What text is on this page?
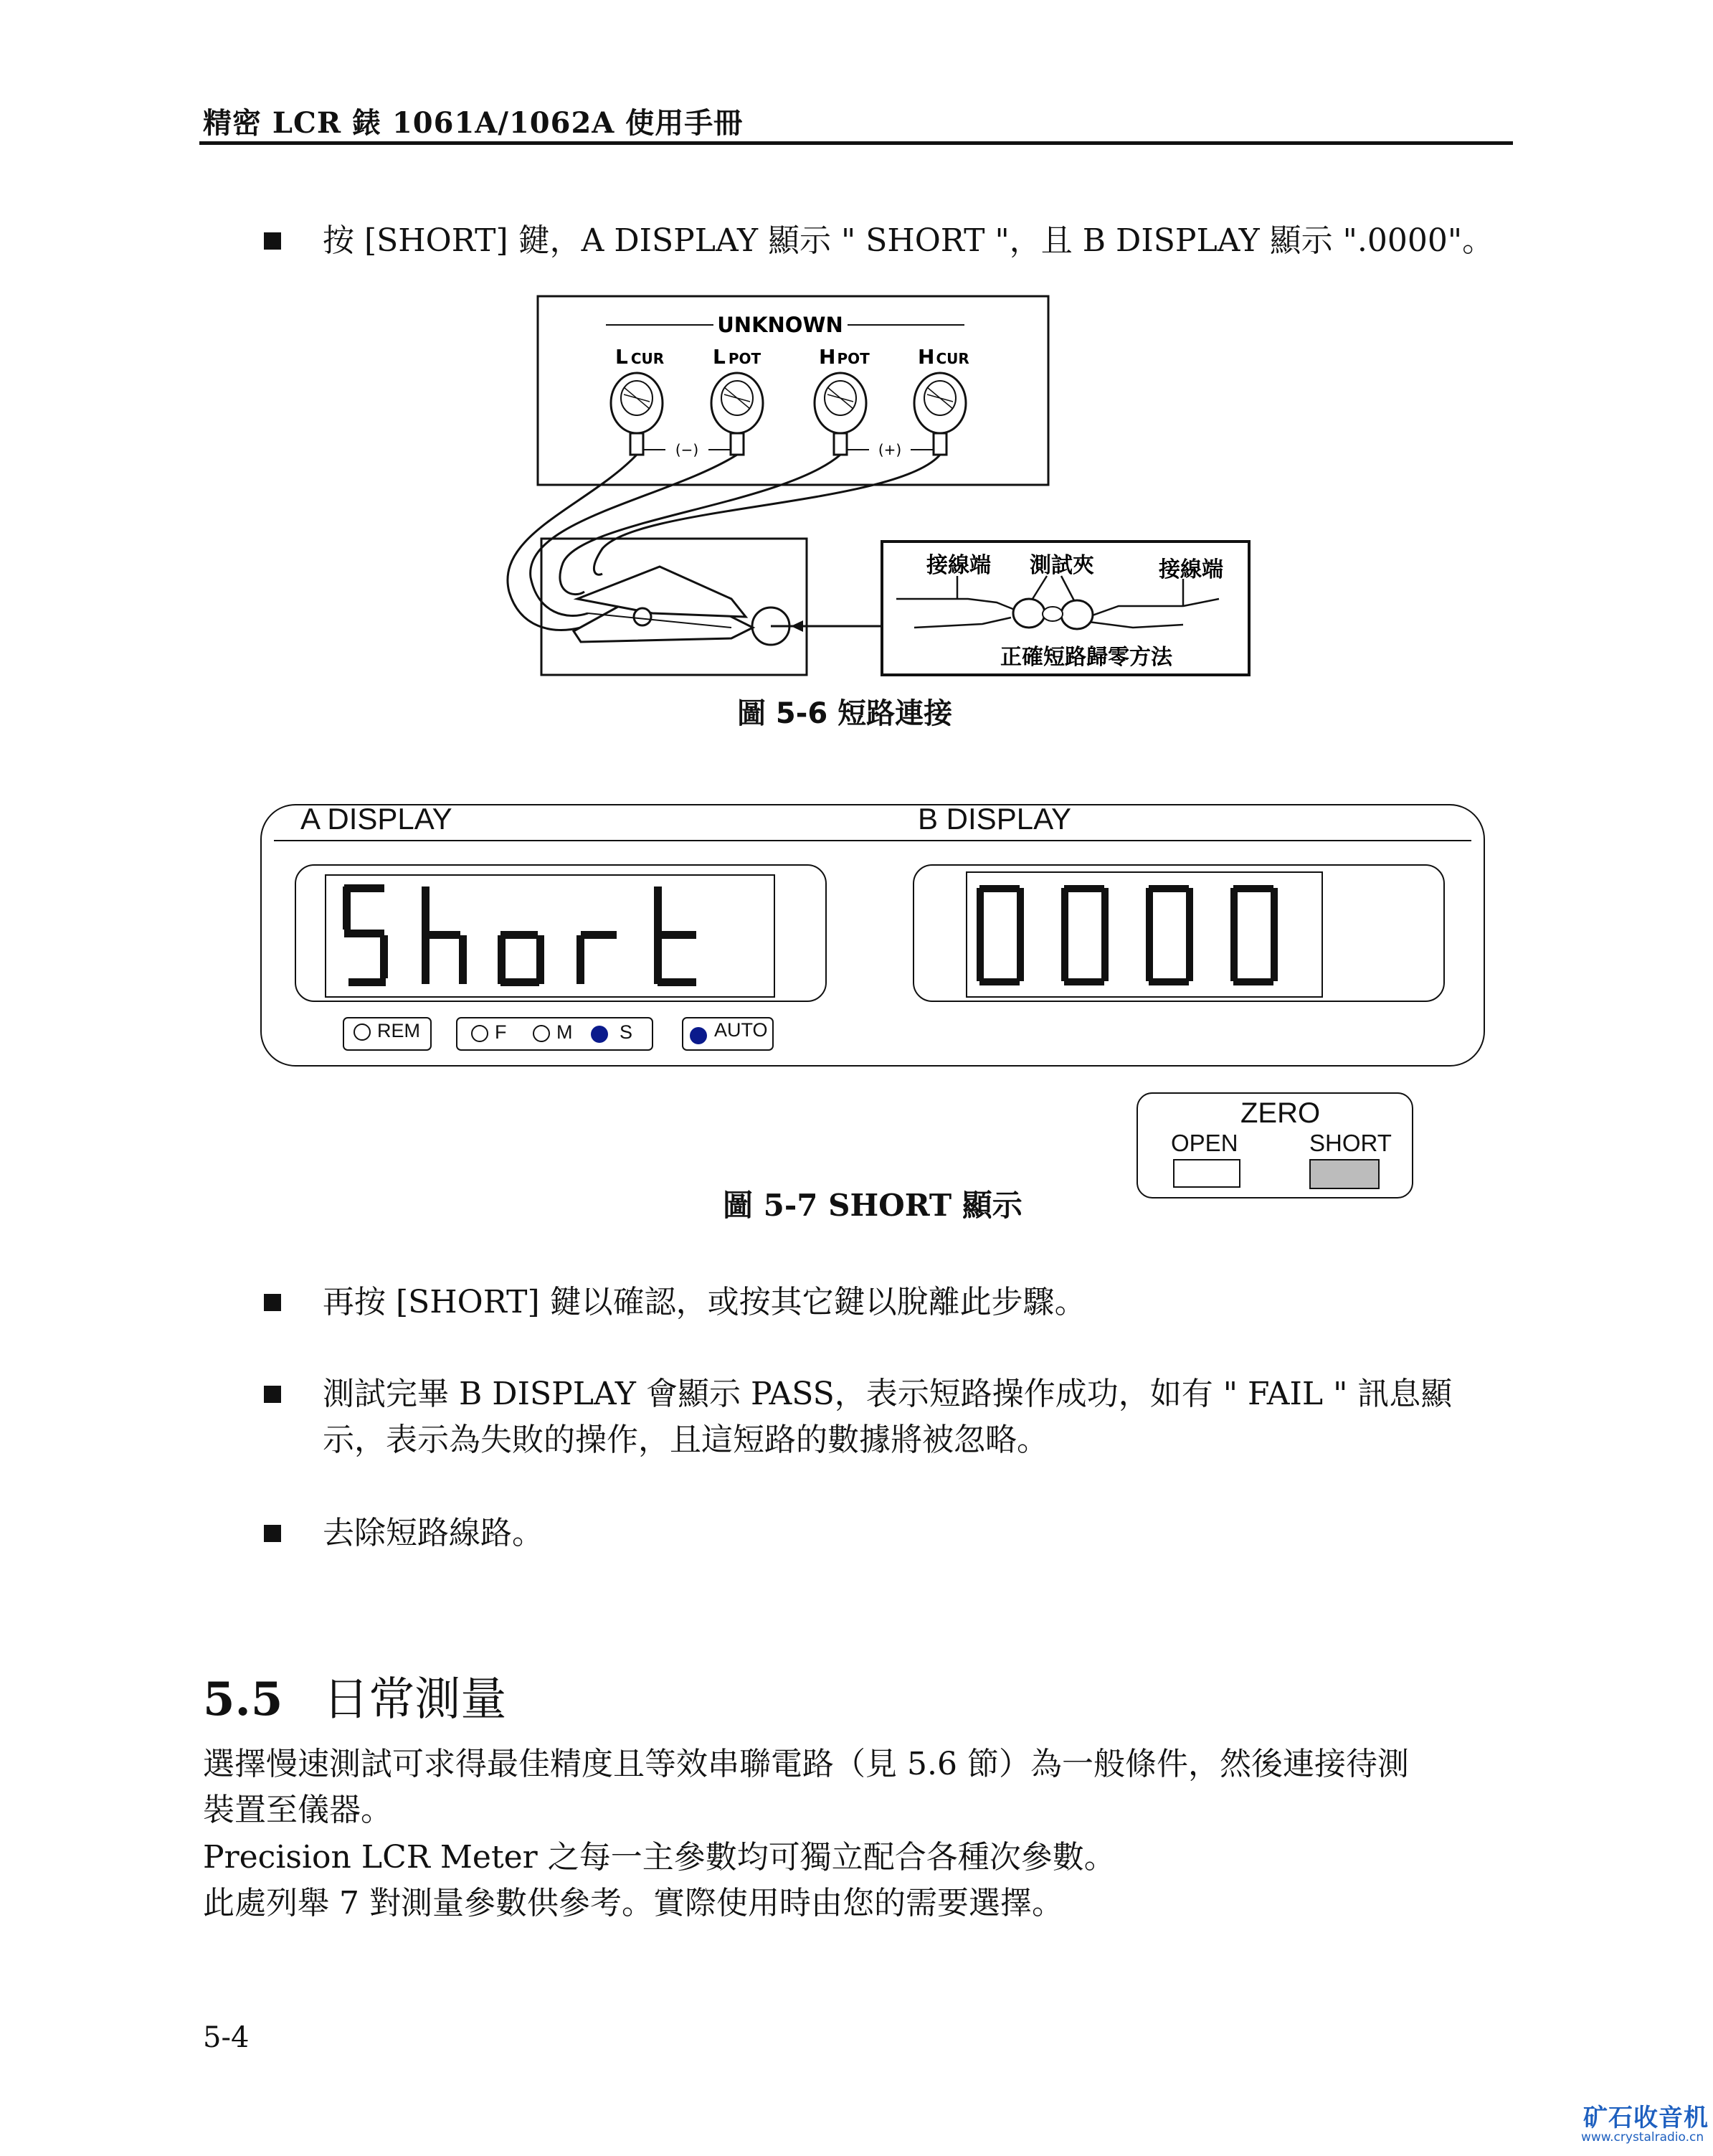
精密 LCR 錶 1061A/1062A 使用手冊
按 [SHORT] 鍵，A DISPLAY 顯示 " SHORT "，且 B DISPLAY 顯示 ".0000"。
UNKNOWN
L CUR L POT	H POT H CUR
(−)	(+)
接線端 測試夾	接線端
正確短路歸零方法
圖 5-6 短路連接
Short
A DISPLAY	B DISPLAY
REM	F	M S	AUTO
ZERO
OPEN	SHORT
圖 5-7 SHORT 顯示
再按 [SHORT] 鍵以確認，或按其它鍵以脫離此步驟。
測試完畢 B DISPLAY 會顯示 PASS，表示短路操作成功，如有 " FAIL " 訊息顯
示，表示為失敗的操作，且這短路的數據將被忽略。
去除短路線路。
5.5 日常測量
選擇慢速測試可求得最佳精度且等效串聯電路（見 5.6 節）為一般條件，然後連接待測
裝置至儀器。
Precision LCR Meter 之每一主參數均可獨立配合各種次參數。
此處列舉 7 對測量參數供參考。實際使用時由您的需要選擇。
5-4
矿石收音机
www.crystalradio.cn
